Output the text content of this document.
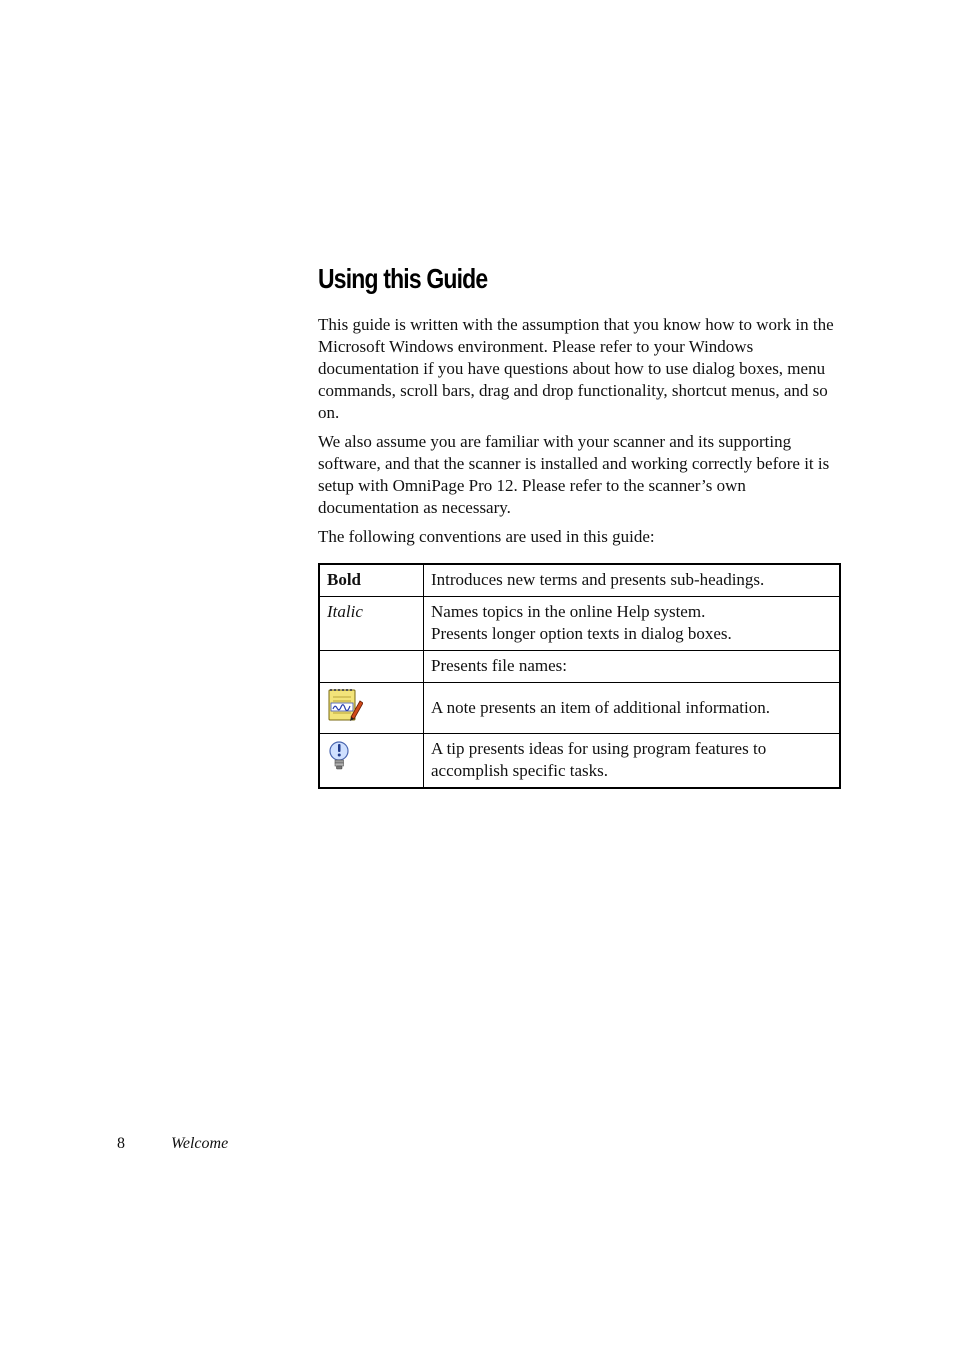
Using this Guide

This guide is written with the assumption that you know how to work in the Microsoft Windows environment. Please refer to your Windows documentation if you have questions about how to use dialog boxes, menu commands, scroll bars, drag and drop functionality, shortcut menus, and so on.

We also assume you are familiar with your scanner and its supporting software, and that the scanner is installed and working correctly before it is setup with OmniPage Pro 12. Please refer to the scanner’s own documentation as necessary.

The following conventions are used in this guide:

Bold	Introduces new terms and presents sub-headings.

Italic	Names topics in the online Help system.
Presents longer option texts in dialog boxes.

	Presents file names:

A note presents an item of additional information.

A tip presents ideas for using program features to
accomplish specific tasks.
8	Welcome
